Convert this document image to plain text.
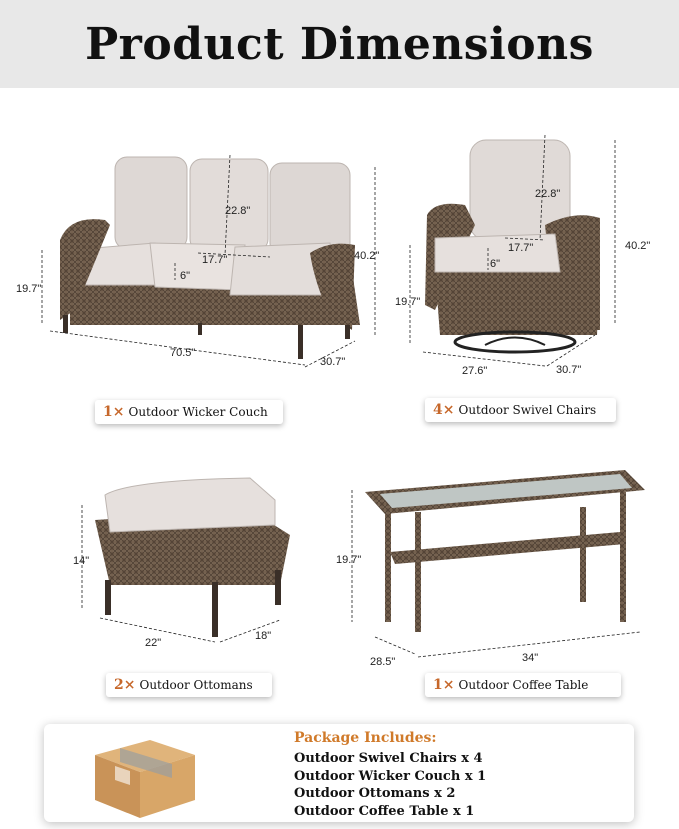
Product Dimensions
22.8"
17.7"
6"
40.2"
19.7"
70.5"
30.7"
1× Outdoor Wicker Couch
22.8"
17.7"
6"
40.2"
19.7"
27.6"	30.7"
4× Outdoor Swivel Chairs
14"
22"
18"
2× Outdoor Ottomans
19.7"
28.5"	34"
1× Outdoor Coffee Table
Package Includes:
Outdoor Swivel Chairs x 4
Outdoor Wicker Couch x 1
Outdoor Ottomans x 2
Outdoor Coffee Table x 1
